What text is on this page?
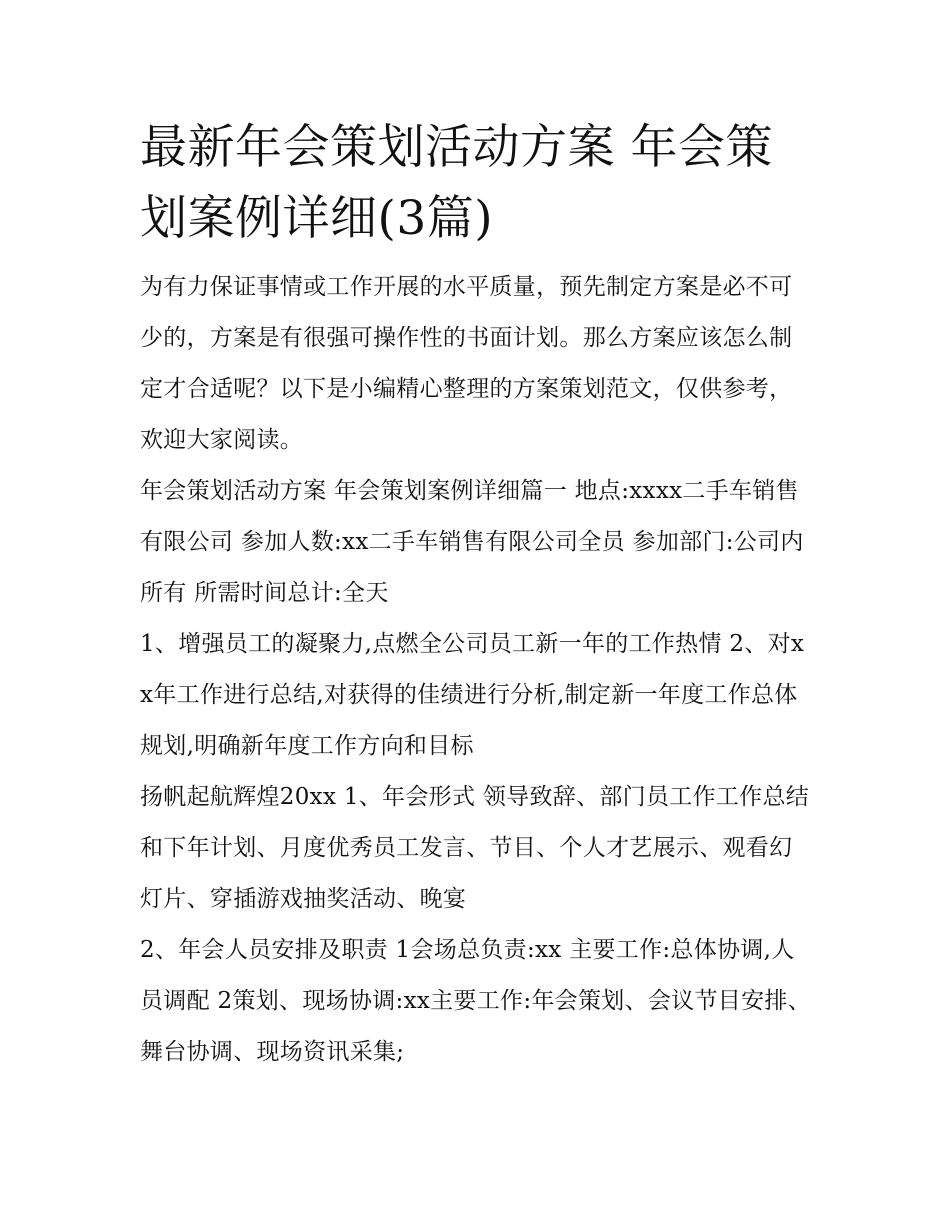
最新年会策划活动方案 年会策划案例详细(3篇)

为有力保证事情或工作开展的水平质量，预先制定方案是必不可少的，方案是有很强可操作性的书面计划。那么方案应该怎么制定才合适呢？以下是小编精心整理的方案策划范文，仅供参考，欢迎大家阅读。

年会策划活动方案 年会策划案例详细篇一 地点:xxxx二手车销售有限公司 参加人数:xx二手车销售有限公司全员 参加部门:公司内所有 所需时间总计:全天

1、增强员工的凝聚力,点燃全公司员工新一年的工作热情 2、对xx年工作进行总结,对获得的佳绩进行分析,制定新一年度工作总体规划,明确新年度工作方向和目标

扬帆起航辉煌20xx 1、年会形式 领导致辞、部门员工作工作总结和下年计划、月度优秀员工发言、节目、个人才艺展示、观看幻灯片、穿插游戏抽奖活动、晚宴

2、年会人员安排及职责 1会场总负责:xx 主要工作:总体协调,人员调配 2策划、现场协调:xx主要工作:年会策划、会议节目安排、舞台协调、现场资讯采集;
